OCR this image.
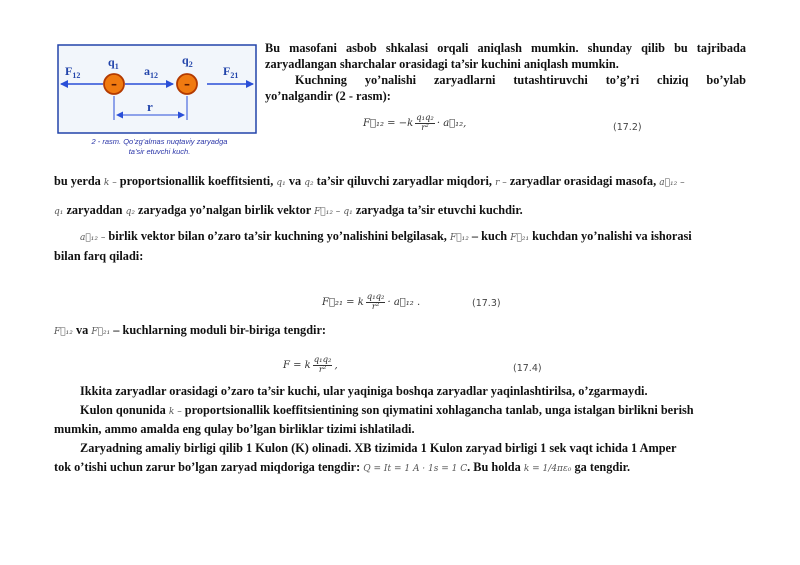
–	–
$F_{12}$
$q_1$ $a_{12}$
$q_2$	$F_{21}$
r
2 - rasm. Qo’zg’almas nuqtaviy zaryadga
ta’sir etuvchi kuch.
Bu masofani asbob shkalasi orqali aniqlash mumkin. shunday qilib bu tajribada
zaryadlangan sharchalar orasidagi ta’sir kuchini aniqlash mumkin.
Kuchning yo’nalishi zaryadlarni tutashtiruvchi to’g’ri chiziq bo’ylab
yo’nalgandir (2 - rasm):
F⃗₁₂ = $-k \frac{\text{q₁q₂}}{\text{r²}}$ · a⃗₁₂,	(17.2)
bu yerda k – proportsionallik koeffitsienti, q₁ va q₂ ta’sir qiluvchi zaryadlar miqdori, r – zaryadlar orasidagi masofa, a⃗₁₂ –
q₁ zaryaddan q₂ zaryadga yo’nalgan birlik vektor F⃗₁₂ – q₁ zaryadga ta’sir etuvchi kuchdir.
a⃗₁₂ – birlik vektor bilan o’zaro ta’sir kuchning yo’nalishini belgilasak, F⃗₁₂ – kuch F⃗₂₁ kuchdan yo’nalishi va ishorasi
bilan farq qiladi:
F⃗₂₁ = k $\frac{\text{q₁q₂}}{\text{r²}}$ · a⃗₁₂ .	(17.3)
F⃗₁₂ va F⃗₂₁ – kuchlarning moduli bir-biriga tengdir:
F = k $\frac{\text{q₁q₂}}{\text{r²}}$ ,	(17.4)
Ikkita zaryadlar orasidagi o’zaro ta’sir kuchi, ular yaqiniga boshqa zaryadlar yaqinlashtirilsa, o’zgarmaydi.
Kulon qonunida k – proportsionallik koeffitsientining son qiymatini xohlagancha tanlab, unga istalgan birlikni berish
mumkin, ammo amalda eng qulay bo’lgan birliklar tizimi ishlatiladi.
Zaryadning amaliy birligi qilib 1 Kulon (K) olinadi. XB tizimida 1 Kulon zaryad birligi 1 sek vaqt ichida 1 Amper
tok o’tishi uchun zarur bo’lgan zaryad miqdoriga tengdir: Q = It = 1 A · 1s = 1 C. Bu holda k = 1/4πε₀ ga tengdir.
